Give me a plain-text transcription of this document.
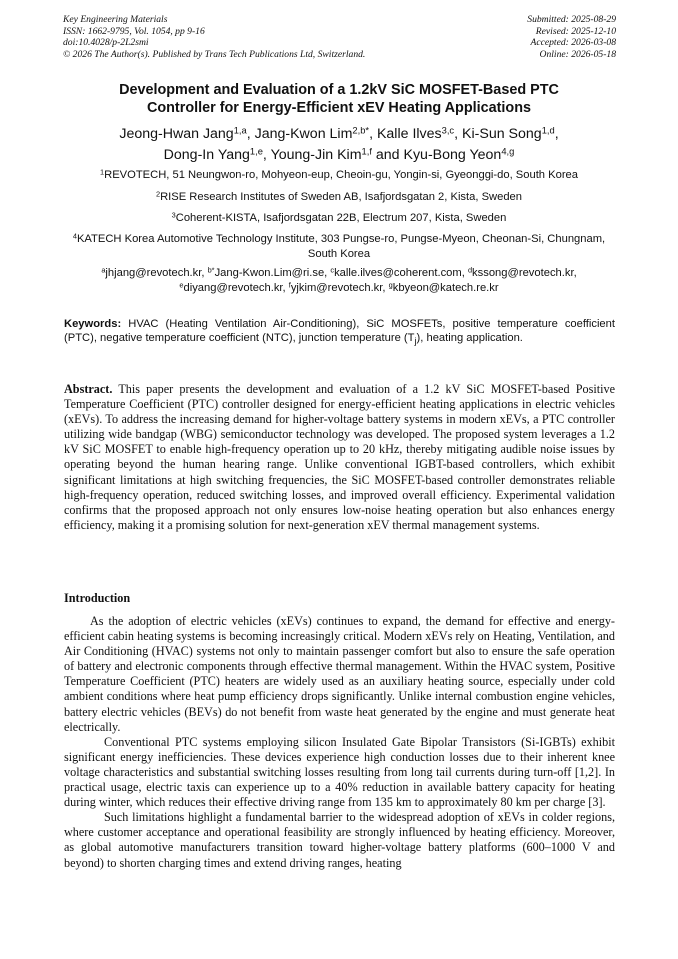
Key Engineering Materials
ISSN: 1662-9795, Vol. 1054, pp 9-16
doi:10.4028/p-2L2smi
© 2026 The Author(s). Published by Trans Tech Publications Ltd, Switzerland.
Submitted: 2025-08-29
Revised: 2025-12-10
Accepted: 2026-03-08
Online: 2026-05-18
Development and Evaluation of a 1.2kV SiC MOSFET-Based PTC
Controller for Energy-Efficient xEV Heating Applications
Jeong-Hwan Jang$^{1,a}$, Jang-Kwon Lim$^{2,b*}$, Kalle Ilves$^{3,c}$, Ki-Sun Song$^{1,d}$,
Dong-In Yang$^{1,e}$, Young-Jin Kim$^{1,f}$ and Kyu-Bong Yeon$^{4,g}$
$^1$REVOTECH, 51 Neungwon-ro, Mohyeon-eup, Cheoin-gu, Yongin-si, Gyeonggi-do, South Korea
$^2$RISE Research Institutes of Sweden AB, Isafjordsgatan 2, Kista, Sweden
$^3$Coherent-KISTA, Isafjordsgatan 22B, Electrum 207, Kista, Sweden
$^4$KATECH Korea Automotive Technology Institute, 303 Pungse-ro, Pungse-Myeon, Cheonan-Si, Chungnam, South Korea
$^a$jhjang@revotech.kr, $^{b*}$Jang-Kwon.Lim@ri.se, $^c$kalle.ilves@coherent.com, $^d$kssong@revotech.kr,
$^e$diyang@revotech.kr, $^f$yjkim@revotech.kr, $^g$kbyeon@katech.re.kr
Keywords: HVAC (Heating Ventilation Air-Conditioning), SiC MOSFETs, positive temperature coefficient (PTC), negative temperature coefficient (NTC), junction temperature $(T_j)$, heating application.
Abstract. This paper presents the development and evaluation of a 1.2 kV SiC MOSFET-based Positive Temperature Coefficient (PTC) controller designed for energy-efficient heating applications in electric vehicles (xEVs). To address the increasing demand for higher-voltage battery systems in modern xEVs, a PTC controller utilizing wide bandgap (WBG) semiconductor technology was developed. The proposed system leverages a 1.2 kV SiC MOSFET to enable high-frequency operation up to 20 kHz, thereby mitigating audible noise issues by operating beyond the human hearing range. Unlike conventional IGBT-based controllers, which exhibit significant limitations at high switching frequencies, the SiC MOSFET-based controller demonstrates reliable high-frequency operation, reduced switching losses, and improved overall efficiency. Experimental validation confirms that the proposed approach not only ensures low-noise heating operation but also enhances energy efficiency, making it a promising solution for next-generation xEV thermal management systems.
Introduction

As the adoption of electric vehicles (xEVs) continues to expand, the demand for effective and energy-efficient cabin heating systems is becoming increasingly critical. Modern xEVs rely on Heating, Ventilation, and Air Conditioning (HVAC) systems not only to maintain passenger comfort but also to ensure the safe operation of battery and electronic components through effective thermal management. Within the HVAC system, Positive Temperature Coefficient (PTC) heaters are widely used as an auxiliary heating source, especially under cold ambient conditions where heat pump efficiency drops significantly. Unlike internal combustion engine vehicles, battery electric vehicles (BEVs) do not benefit from waste heat generated by the engine and must generate heat electrically.

Conventional PTC systems employing silicon Insulated Gate Bipolar Transistors (Si-IGBTs) exhibit significant energy inefficiencies. These devices experience high conduction losses due to their inherent knee voltage characteristics and substantial switching losses resulting from long tail currents during turn-off [1,2]. In practical usage, electric taxis can experience up to a 40% reduction in available battery capacity for heating during winter, which reduces their effective driving range from 135 km to approximately 80 km per charge [3].

Such limitations highlight a fundamental barrier to the widespread adoption of xEVs in colder regions, where customer acceptance and operational feasibility are strongly influenced by heating efficiency. Moreover, as global automotive manufacturers transition toward higher-voltage battery platforms (600–1000 V and beyond) to shorten charging times and extend driving ranges, heating
